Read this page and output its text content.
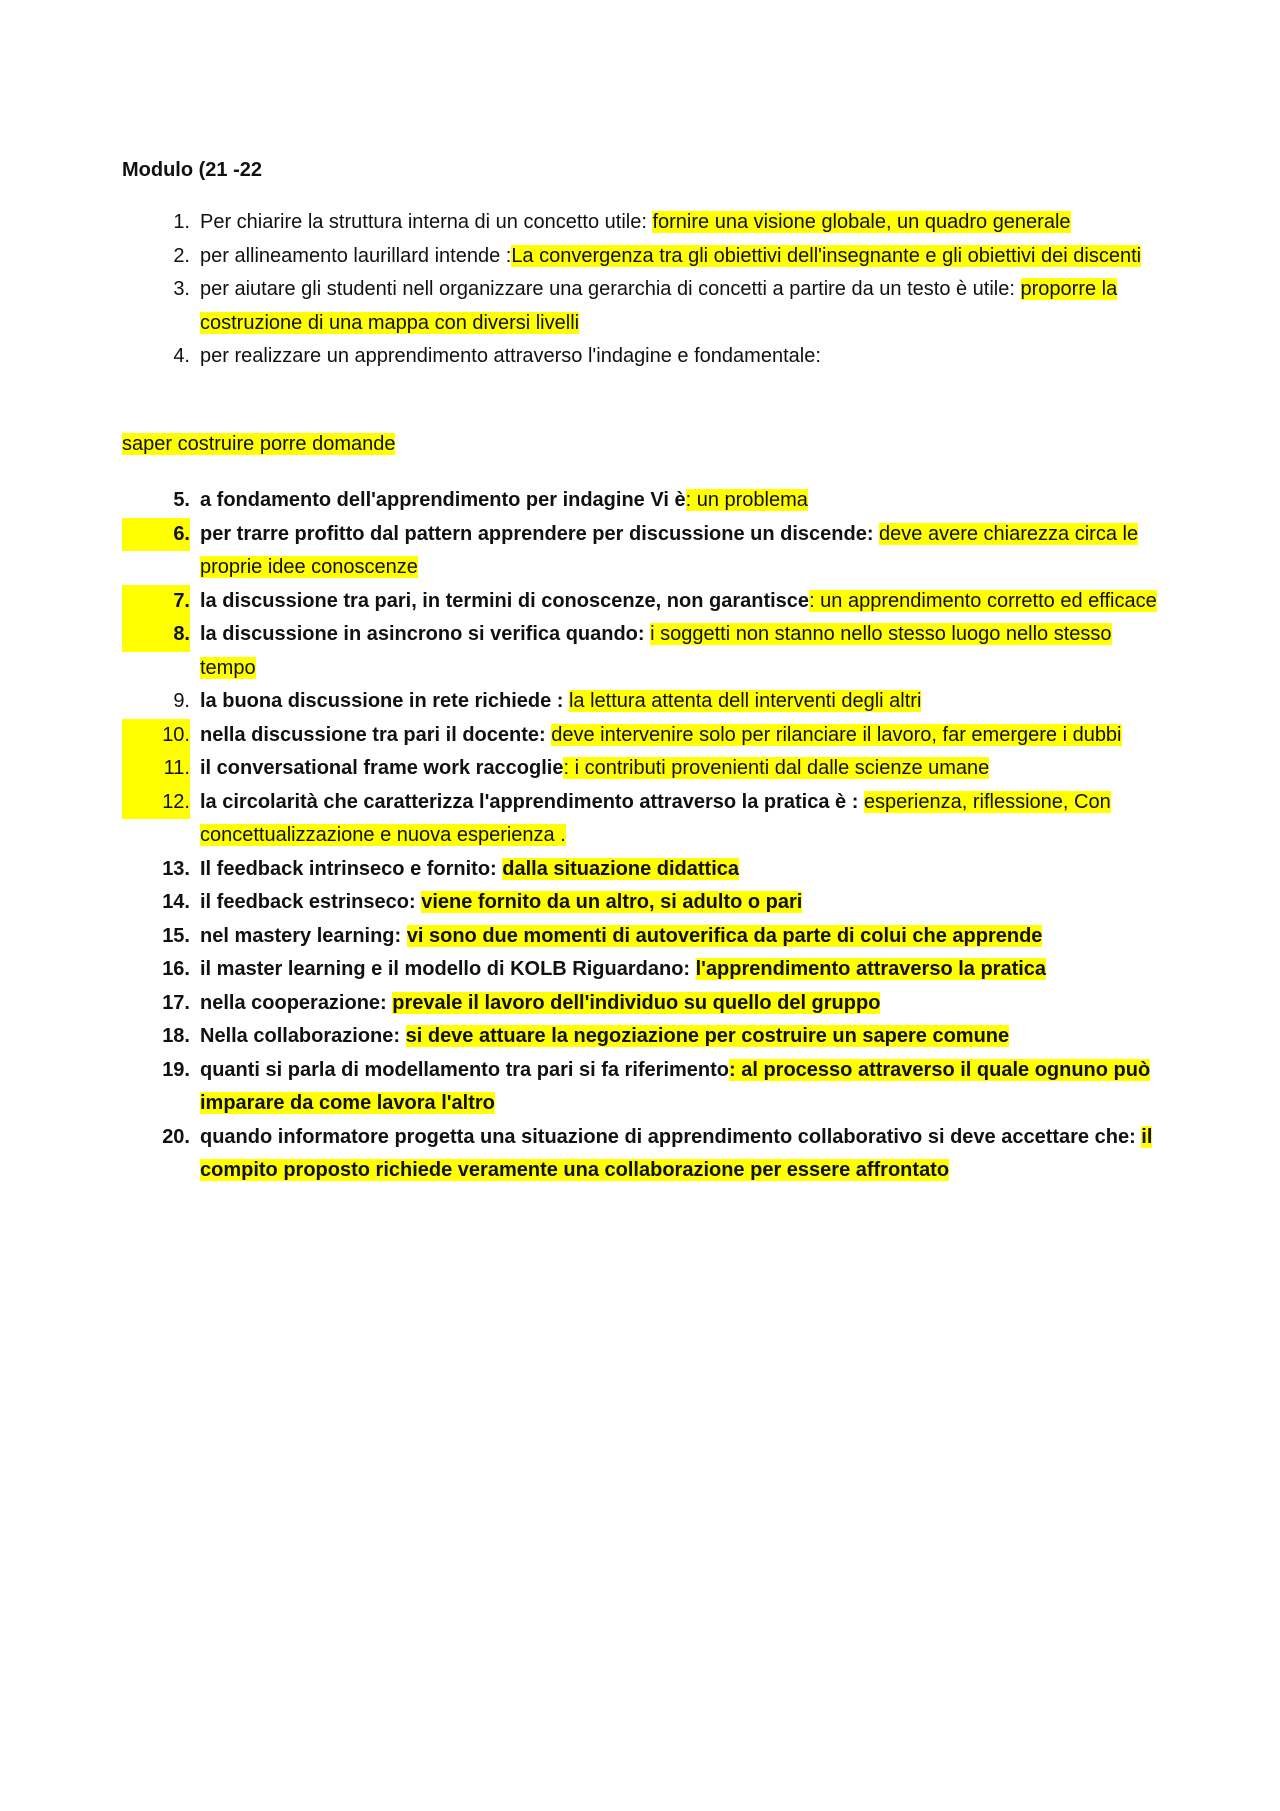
Modulo (21 -22
1. Per chiarire la struttura interna di un concetto utile: fornire una visione globale, un quadro generale
2. per allineamento laurillard intende :La convergenza tra gli obiettivi dell'insegnante e gli obiettivi dei discenti
3. per aiutare gli studenti nell organizzare una gerarchia di concetti a partire da un testo è utile: proporre la costruzione di una mappa con diversi livelli
4. per realizzare un apprendimento attraverso l'indagine e fondamentale:

saper costruire porre domande

5. a fondamento dell'apprendimento per indagine Vi è: un problema
6. per trarre profitto dal pattern apprendere per discussione un discende: deve avere chiarezza circa le proprie idee conoscenze
7. la discussione tra pari, in termini di conoscenze, non garantisce: un apprendimento corretto ed efficace
8. la discussione in asincrono si verifica quando: i soggetti non stanno nello stesso luogo nello stesso tempo
9. la buona discussione in rete richiede : la lettura attenta dell interventi degli altri
10. nella discussione tra pari il docente: deve intervenire solo per rilanciare il lavoro, far emergere i dubbi
11. il conversational frame work raccoglie: i contributi provenienti dal dalle scienze umane
12. la circolarità che caratterizza l'apprendimento attraverso la pratica è : esperienza, riflessione, Con concettualizzazione e nuova esperienza .
13. Il feedback intrinseco e fornito: dalla situazione didattica
14. il feedback estrinseco: viene fornito da un altro, si adulto o pari
15. nel mastery learning: vi sono due momenti di autoverifica da parte di colui che apprende
16. il master learning e il modello di KOLB Riguardano: l'apprendimento attraverso la pratica
17. nella cooperazione: prevale il lavoro dell'individuo su quello del gruppo
18. Nella collaborazione: si deve attuare la negoziazione per costruire un sapere comune
19. quanti si parla di modellamento tra pari si fa riferimento: al processo attraverso il quale ognuno può imparare da come lavora l'altro
20. quando informatore progetta una situazione di apprendimento collaborativo si deve accettare che: il compito proposto richiede veramente una collaborazione per essere affrontato
